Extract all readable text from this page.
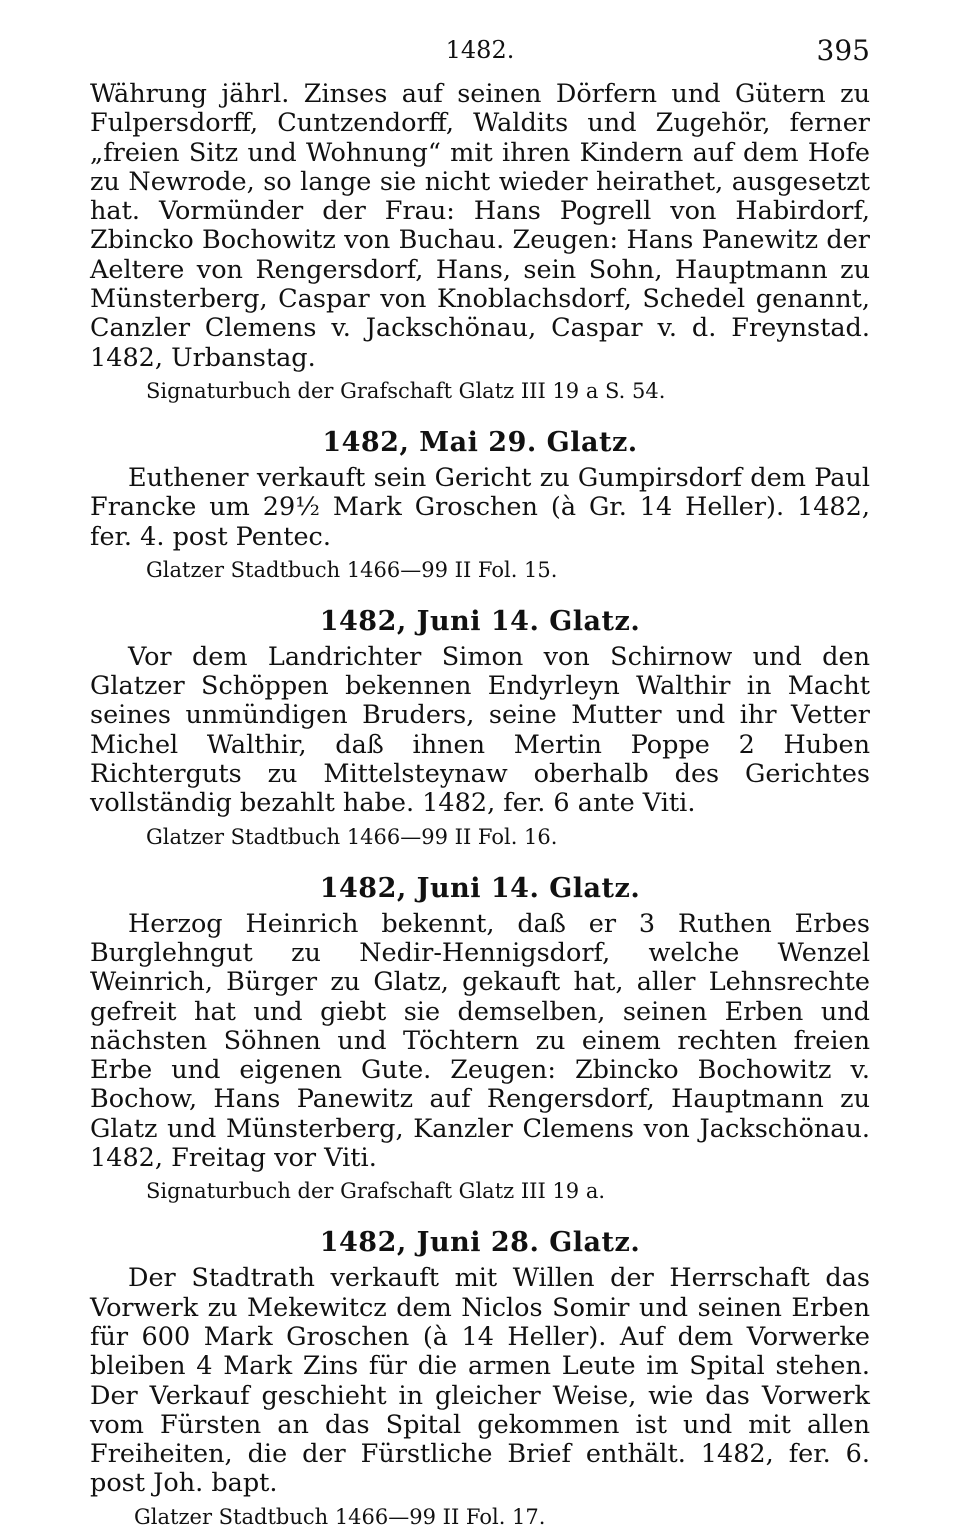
1482.	395

Währung jährl. Zinses auf seinen Dörfern und Gütern zu Fulpersdorff, Cuntzendorff, Waldits und Zugehör, ferner „freien Sitz und Wohnung“ mit ihren Kindern auf dem Hofe zu Newrode, so lange sie nicht wieder heirathet, ausgesetzt hat. Vormünder der Frau: Hans Pogrell von Habirdorf, Zbincko Bochowitz von Buchau. Zeugen: Hans Panewitz der Aeltere von Rengersdorf, Hans, sein Sohn, Hauptmann zu Münsterberg, Caspar von Knoblachsdorf, Schedel genannt, Canzler Clemens v. Jackschönau, Caspar v. d. Freynstad. 1482, Urbanstag.

Signaturbuch der Grafschaft Glatz III 19 a S. 54.

1482, Mai 29. Glatz.

Euthener verkauft sein Gericht zu Gumpirsdorf dem Paul Francke um 29½ Mark Groschen (à Gr. 14 Heller). 1482, fer. 4. post Pentec.

Glatzer Stadtbuch 1466—99 II Fol. 15.

1482, Juni 14. Glatz.

Vor dem Landrichter Simon von Schirnow und den Glatzer Schöppen bekennen Endyrleyn Walthir in Macht seines unmündigen Bruders, seine Mutter und ihr Vetter Michel Walthir, daß ihnen Mertin Poppe 2 Huben Richterguts zu Mittelsteynaw oberhalb des Gerichtes vollständig bezahlt habe. 1482, fer. 6 ante Viti.

Glatzer Stadtbuch 1466—99 II Fol. 16.

1482, Juni 14. Glatz.

Herzog Heinrich bekennt, daß er 3 Ruthen Erbes Burglehngut zu Nedir-Hennigsdorf, welche Wenzel Weinrich, Bürger zu Glatz, gekauft hat, aller Lehnsrechte gefreit hat und giebt sie demselben, seinen Erben und nächsten Söhnen und Töchtern zu einem rechten freien Erbe und eigenen Gute. Zeugen: Zbincko Bochowitz v. Bochow, Hans Panewitz auf Rengersdorf, Hauptmann zu Glatz und Münsterberg, Kanzler Clemens von Jackschönau. 1482, Freitag vor Viti.

Signaturbuch der Grafschaft Glatz III 19 a.

1482, Juni 28. Glatz.

Der Stadtrath verkauft mit Willen der Herrschaft das Vorwerk zu Mekewitcz dem Niclos Somir und seinen Erben für 600 Mark Groschen (à 14 Heller). Auf dem Vorwerke bleiben 4 Mark Zins für die armen Leute im Spital stehen. Der Verkauf geschieht in gleicher Weise, wie das Vorwerk vom Fürsten an das Spital gekommen ist und mit allen Freiheiten, die der Fürstliche Brief enthält. 1482, fer. 6. post Joh. bapt.

Glatzer Stadtbuch 1466—99 II Fol. 17.
